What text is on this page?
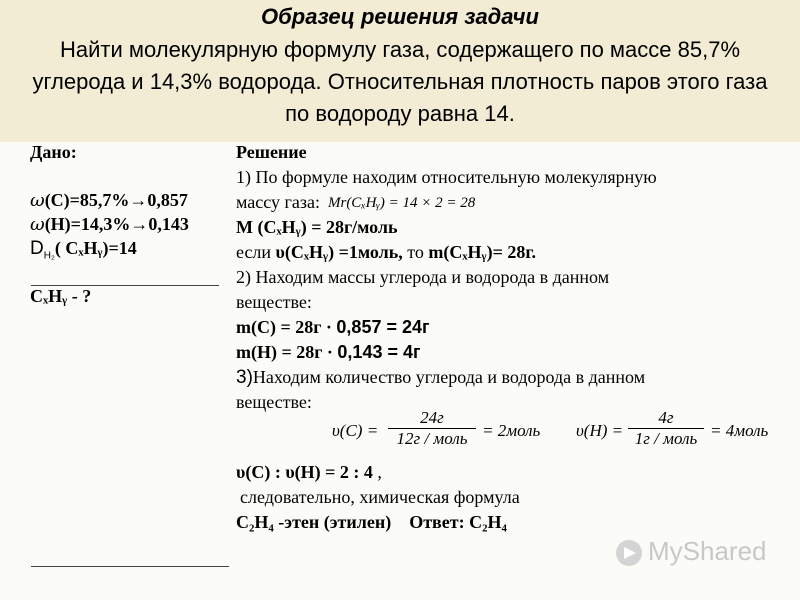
Образец решения задачи
Найти молекулярную формулу газа, содержащего по массе 85,7% углерода и 14,3% водорода. Относительная плотность паров этого газа по водороду равна 14.
Дано:
ω(C)=85,7%→0,857
ω(H)=14,3%→0,143
$D_{H_2}$( CₓHᵧ)=14
CₓHᵧ - ?
Решение
1) По формуле находим относительную молекулярную
массу газа: Mr(CₓHᵧ) = 14 × 2 = 28
M (CₓHᵧ) = 28г/моль
если υ(CₓHᵧ) =1моль, то m(CₓHᵧ)= 28г.
2) Находим массы углерода и водорода в данном
веществе:
m(C) = 28г · 0,857 = 24г
m(H) = 28г · 0,143 = 4г
3)Находим количество углерода и водорода в данном
веществе:
υ(C) =
24г
12г / моль = 2моль υ(H) =
4г
1г / моль = 4моль
υ(C) : υ(H) = 2 : 4 ,
следовательно, химическая формула
C₂H₄ -этен (этилен) Ответ: C₂H₄
MyShared
